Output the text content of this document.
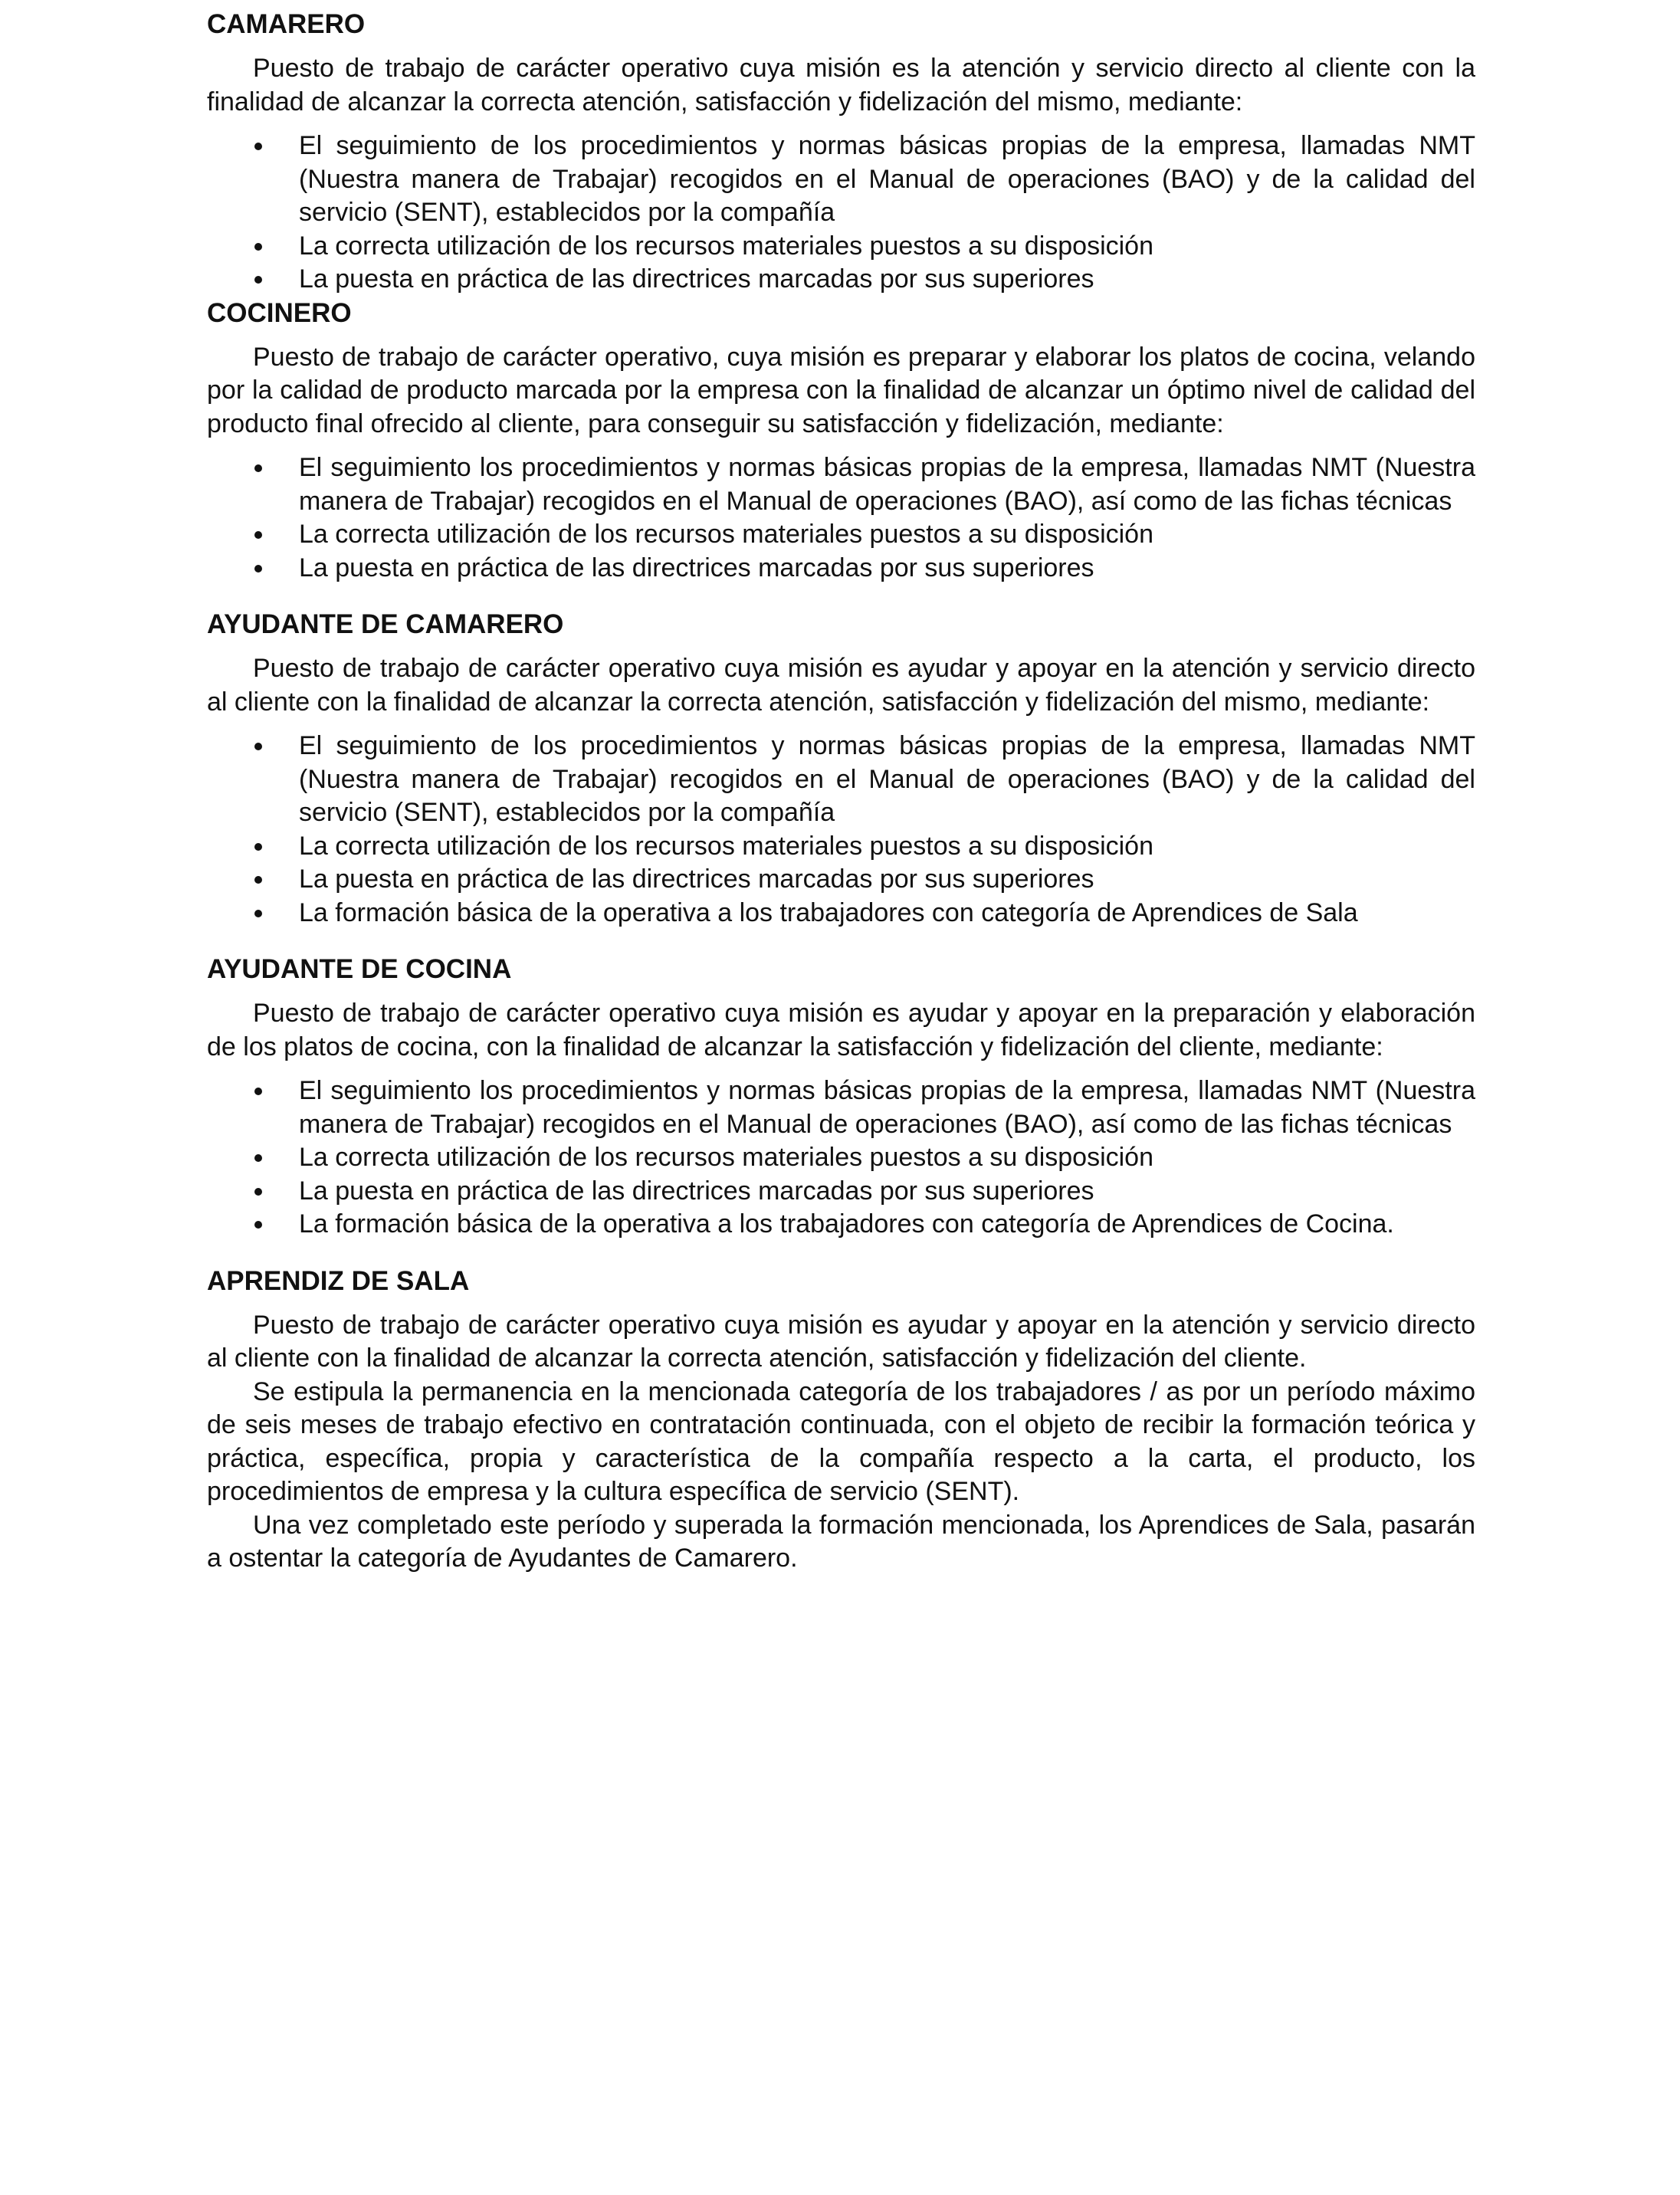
CAMARERO

Puesto de trabajo de carácter operativo cuya misión es la atención y servicio directo al cliente con la finalidad de alcanzar la correcta atención, satisfacción y fidelización del mismo, mediante:

El seguimiento de los procedimientos y normas básicas propias de la empresa, llamadas NMT (Nuestra manera de Trabajar) recogidos en el Manual de operaciones (BAO) y de la calidad del servicio (SENT), establecidos por la compañía
La correcta utilización de los recursos materiales puestos a su disposición
La puesta en práctica de las directrices marcadas por sus superiores
COCINERO

Puesto de trabajo de carácter operativo, cuya misión es preparar y elaborar los platos de cocina, velando por la calidad de producto marcada por la empresa con la finalidad de alcanzar un óptimo nivel de calidad del producto final ofrecido al cliente, para conseguir su satisfacción y fidelización, mediante:

El seguimiento los procedimientos y normas básicas propias de la empresa, llamadas NMT (Nuestra manera de Trabajar) recogidos en el Manual de operaciones (BAO), así como de las fichas técnicas
La correcta utilización de los recursos materiales puestos a su disposición
La puesta en práctica de las directrices marcadas por sus superiores
AYUDANTE DE CAMARERO

Puesto de trabajo de carácter operativo cuya misión es ayudar y apoyar en la atención y servicio directo al cliente con la finalidad de alcanzar la correcta atención, satisfacción y fidelización del mismo, mediante:

El seguimiento de los procedimientos y normas básicas propias de la empresa, llamadas NMT (Nuestra manera de Trabajar) recogidos en el Manual de operaciones (BAO) y de la calidad del servicio (SENT), establecidos por la compañía
La correcta utilización de los recursos materiales puestos a su disposición
La puesta en práctica de las directrices marcadas por sus superiores
La formación básica de la operativa a los trabajadores con categoría de Aprendices de Sala
AYUDANTE DE COCINA

Puesto de trabajo de carácter operativo cuya misión es ayudar y apoyar en la preparación y elaboración de los platos de cocina, con la finalidad de alcanzar la satisfacción y fidelización del cliente, mediante:

El seguimiento los procedimientos y normas básicas propias de la empresa, llamadas NMT (Nuestra manera de Trabajar) recogidos en el Manual de operaciones (BAO), así como de las fichas técnicas
La correcta utilización de los recursos materiales puestos a su disposición
La puesta en práctica de las directrices marcadas por sus superiores
La formación básica de la operativa a los trabajadores con categoría de Aprendices de Cocina.
APRENDIZ DE SALA

Puesto de trabajo de carácter operativo cuya misión es ayudar y apoyar en la atención y servicio directo al cliente con la finalidad de alcanzar la correcta atención, satisfacción y fidelización del cliente.

Se estipula la permanencia en la mencionada categoría de los trabajadores / as por un período máximo de seis meses de trabajo efectivo en contratación continuada, con el objeto de recibir la formación teórica y práctica, específica, propia y característica de la compañía respecto a la carta, el producto, los procedimientos de empresa y la cultura específica de servicio (SENT).

Una vez completado este período y superada la formación mencionada, los Aprendices de Sala, pasarán a ostentar la categoría de Ayudantes de Camarero.
